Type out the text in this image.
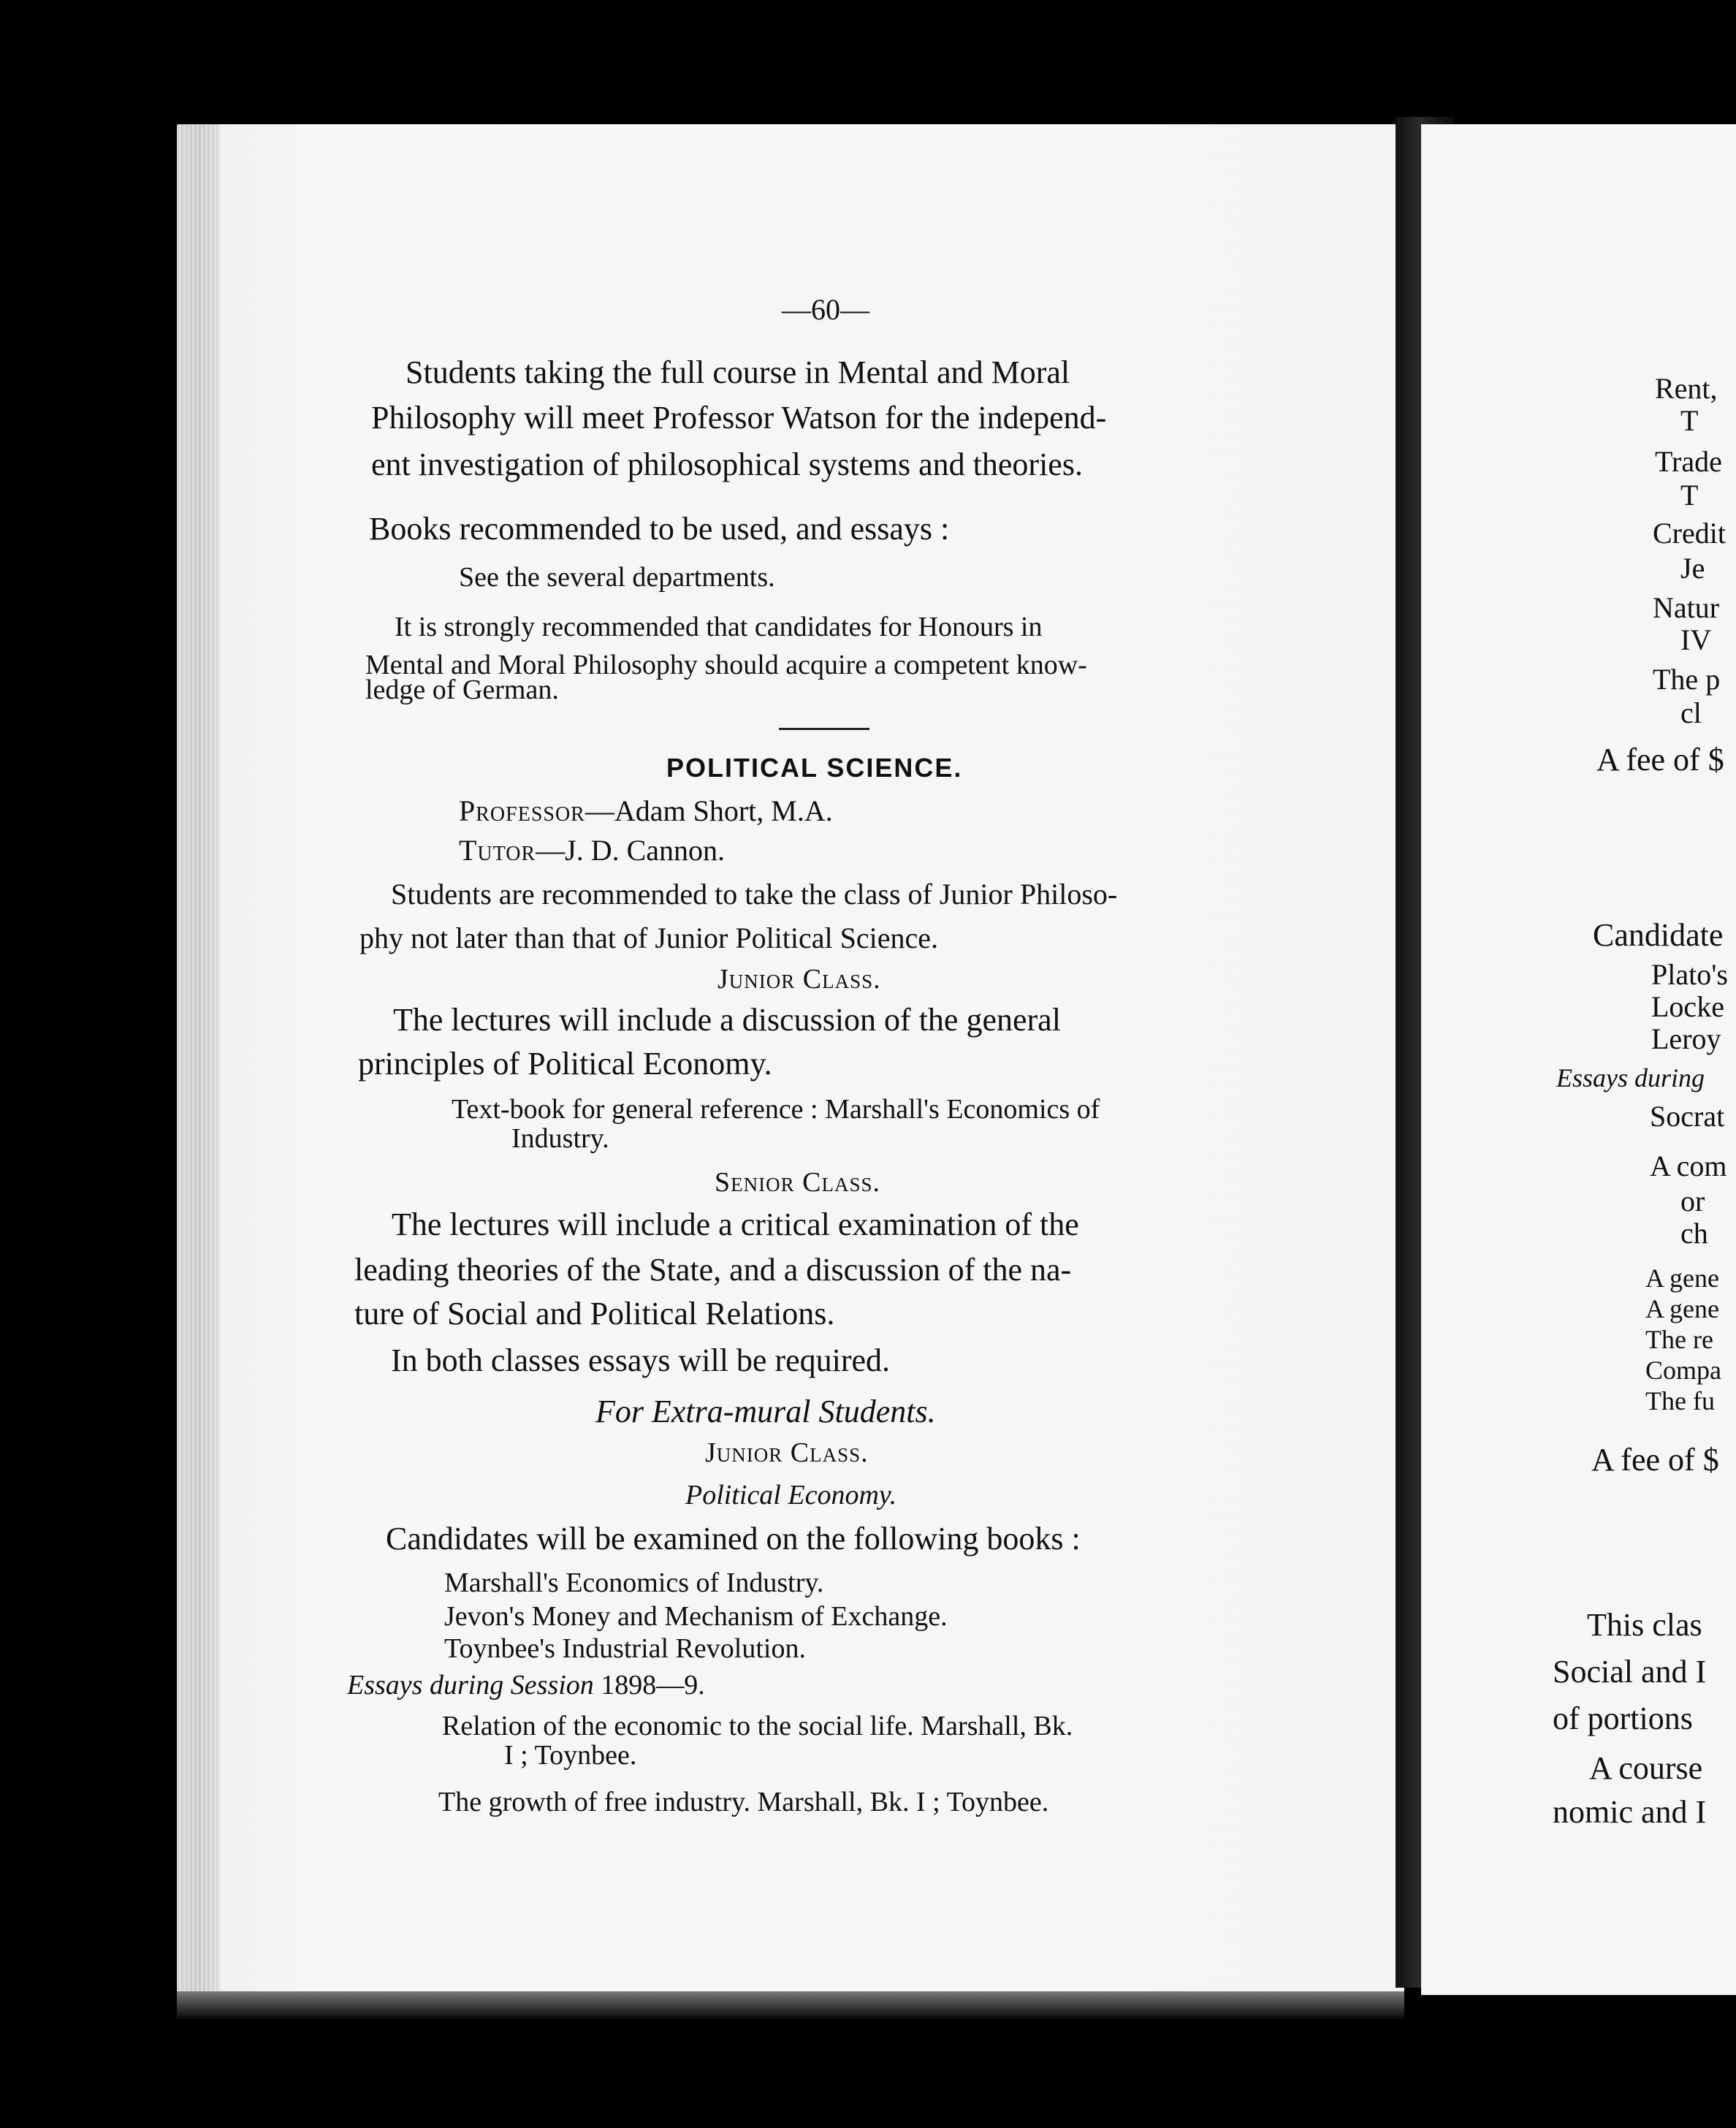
—60—
Students taking the full course in Mental and Moral
Philosophy will meet Professor Watson for the independ-
ent investigation of philosophical systems and theories.
Books recommended to be used, and essays :
See the several departments.
It is strongly recommended that candidates for Honours in
Mental and Moral Philosophy should acquire a competent know-
ledge of German.
POLITICAL SCIENCE.
Professor—Adam Short, M.A.
Tutor—J. D. Cannon.
Students are recommended to take the class of Junior Philoso-
phy not later than that of Junior Political Science.
Junior Class.
The lectures will include a discussion of the general
principles of Political Economy.
Text-book for general reference : Marshall's Economics of
Industry.
Senior Class.
The lectures will include a critical examination of the
leading theories of the State, and a discussion of the na-
ture of Social and Political Relations.
In both classes essays will be required.
For Extra-mural Students.
Junior Class.
Political Economy.
Candidates will be examined on the following books :
Marshall's Economics of Industry.
Jevon's Money and Mechanism of Exchange.
Toynbee's Industrial Revolution.
Essays during Session 1898—9.
Relation of the economic to the social life. Marshall, Bk.
I ; Toynbee.
The growth of free industry. Marshall, Bk. I ; Toynbee.
Rent,
T
Trade
T
Credit
Je
Natur
IV
The p
cl
A fee of $
Candidate
Plato's
Locke
Leroy
Essays during
Socrat
A com
or
ch
A gene
A gene
The re
Compa
The fu
A fee of $
This clas
Social and I
of portions
A course
nomic and I
